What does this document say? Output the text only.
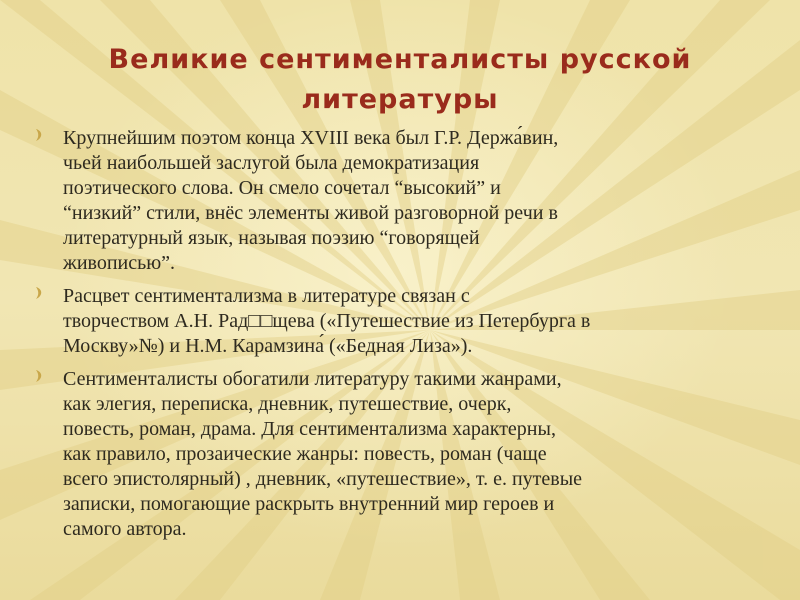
Великие сентименталисты русской
литературы
Крупнейшим поэтом конца XVIII века был Г.Р. Держа́вин,
чьей наибольшей заслугой была демократизация
поэтического слова. Он смело сочетал “высокий” и
“низкий” стили, внёс элементы живой разговорной речи в
литературный язык, называя поэзию “говорящей
живописью”.
Расцвет сентиментализма в литературе связан с
творчеством А.Н. Рад□□щева («Путешествие из Петербурга в
Москву»№) и Н.М. Карамзина́ («Бедная Лиза»).
Сентименталисты обогатили литературу такими жанрами,
как элегия, переписка, дневник, путешествие, очерк,
повесть, роман, драма. Для сентиментализма характерны,
как правило, прозаические жанры: повесть, роман (чаще
всего эпистолярный) , дневник, «путешествие», т. е. путевые
записки, помогающие раскрыть внутренний мир героев и
самого автора.
